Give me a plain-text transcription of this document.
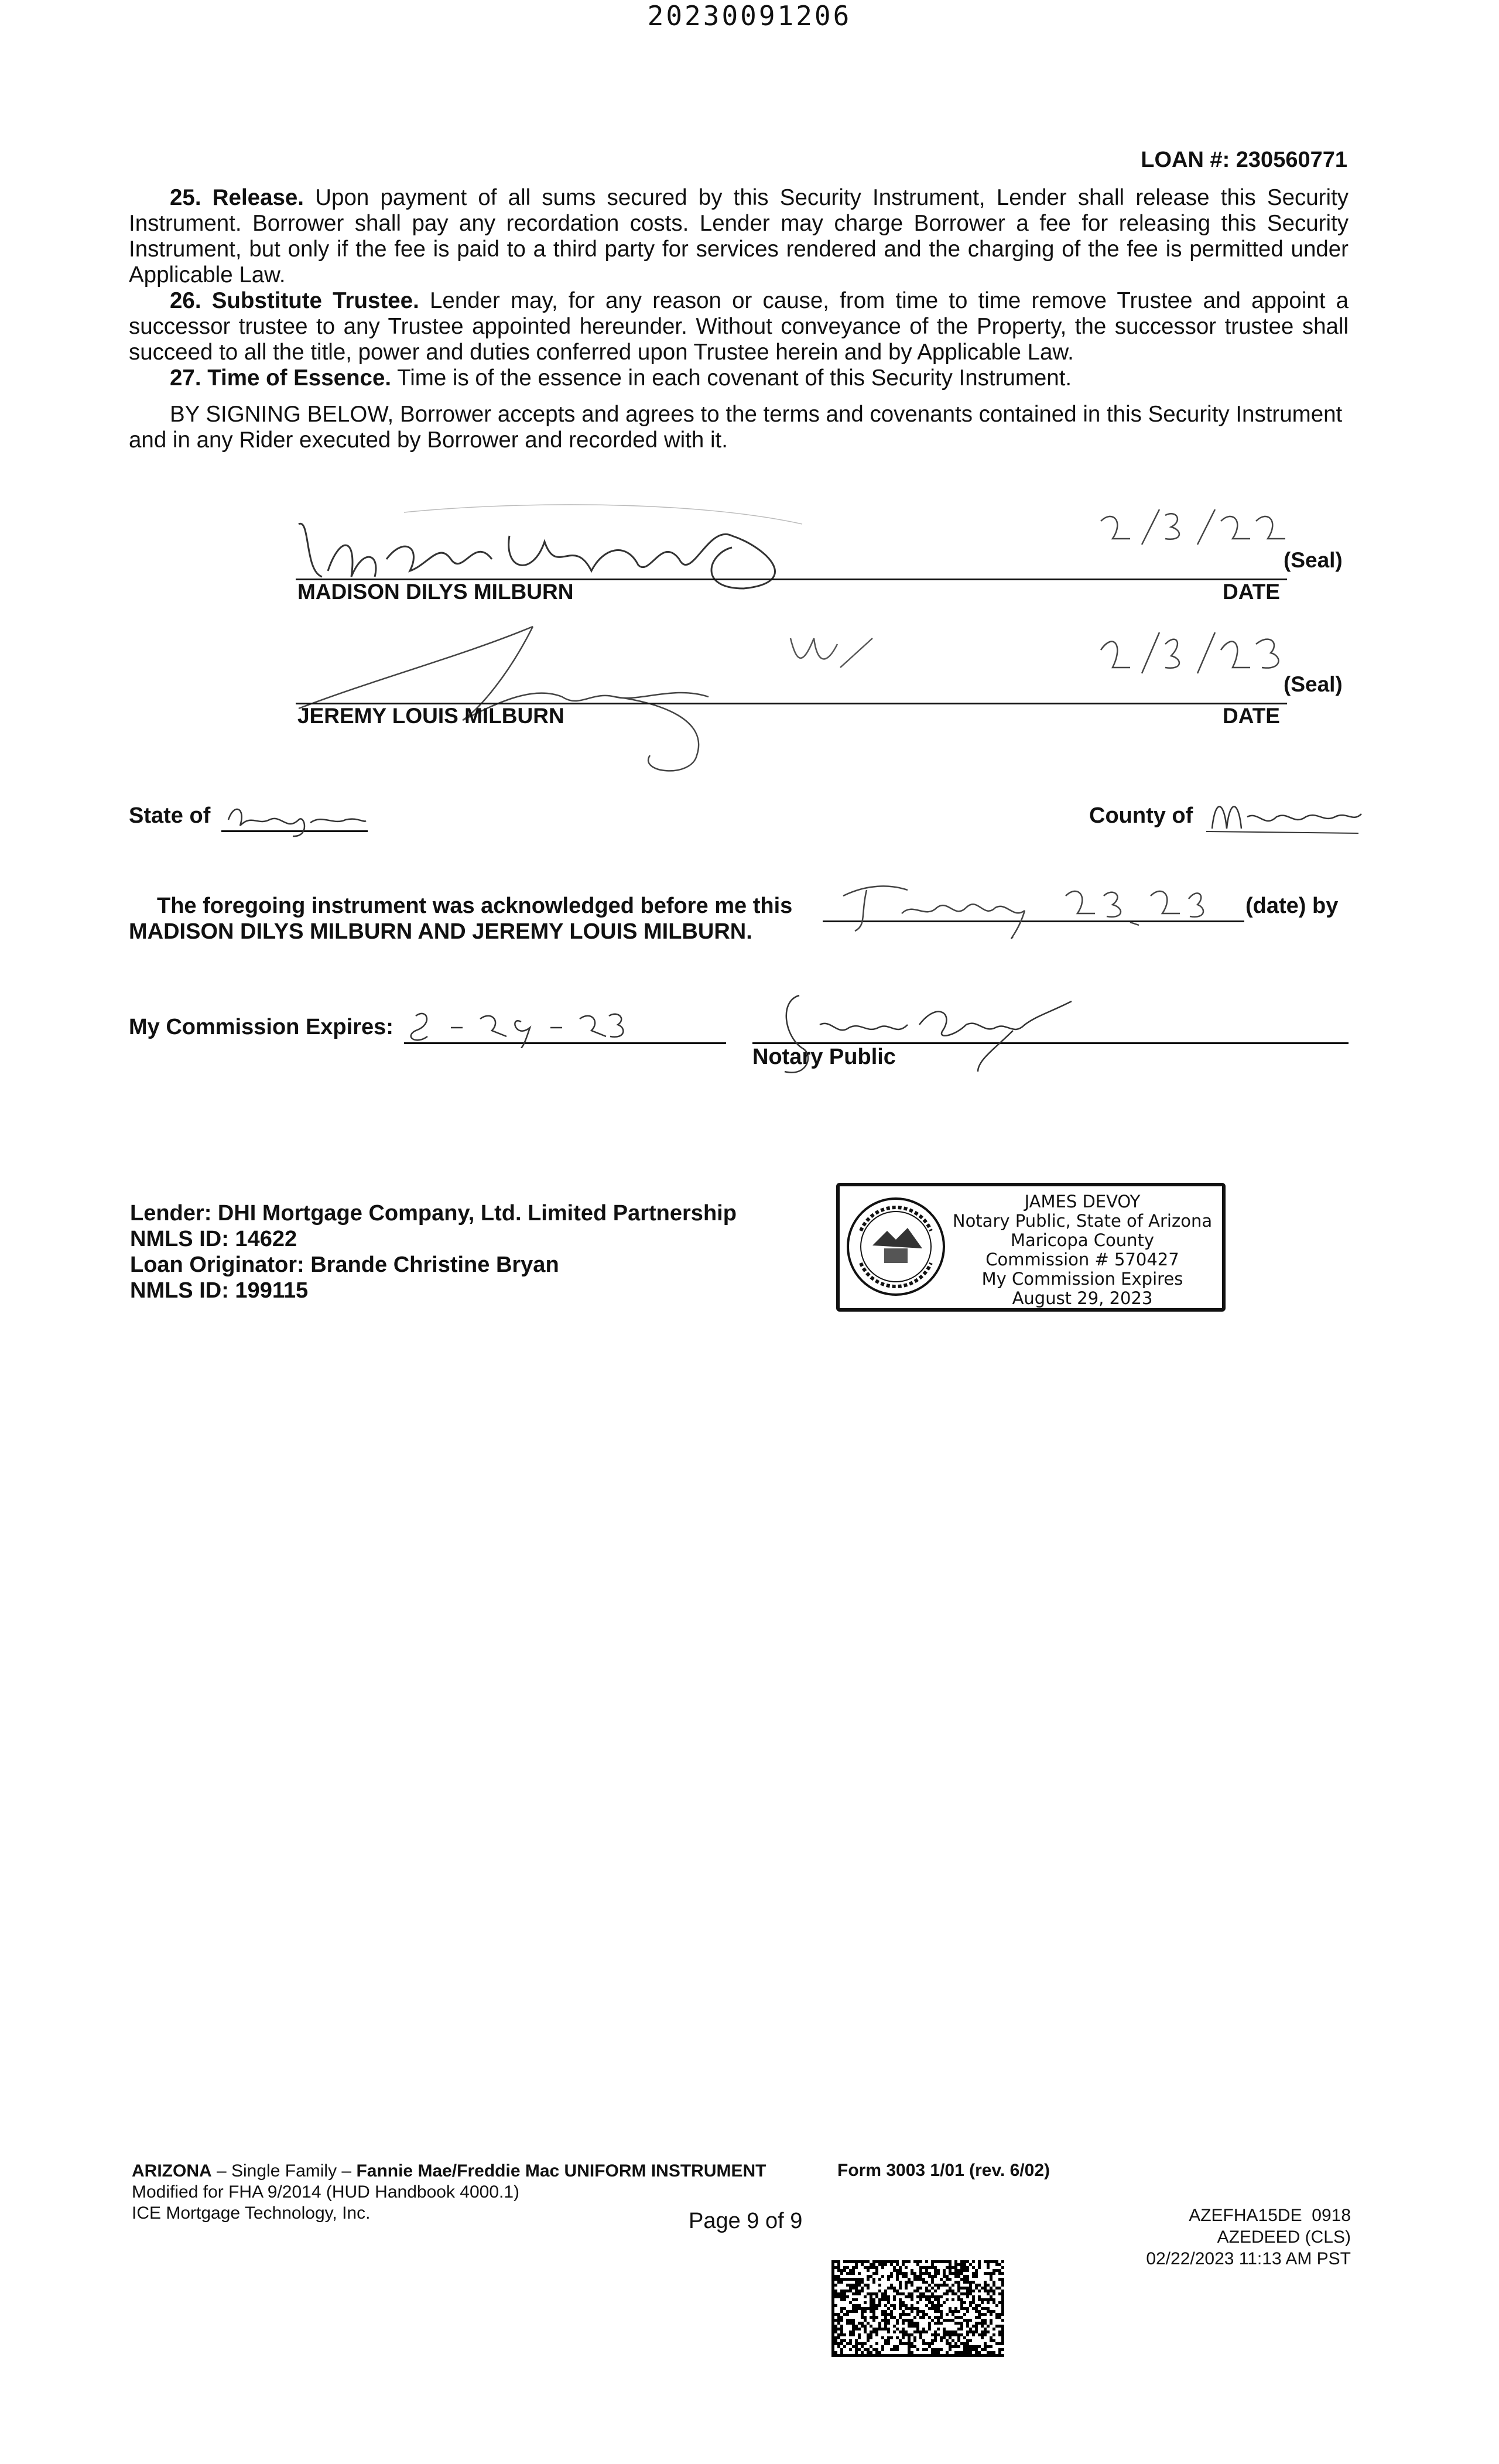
20230091206
LOAN #: 230560771

25. Release. Upon payment of all sums secured by this Security Instrument, Lender shall release this Security Instrument. Borrower shall pay any recordation costs. Lender may charge Borrower a fee for releasing this Security Instrument, but only if the fee is paid to a third party for services rendered and the charging of the fee is permitted under Applicable Law.

26. Substitute Trustee. Lender may, for any reason or cause, from time to time remove Trustee and appoint a successor trustee to any Trustee appointed hereunder. Without conveyance of the Property, the successor trustee shall succeed to all the title, power and duties conferred upon Trustee herein and by Applicable Law.

27. Time of Essence. Time is of the essence in each covenant of this Security Instrument.

BY SIGNING BELOW, Borrower accepts and agrees to the terms and covenants contained in this Security Instrument and in any Rider executed by Borrower and recorded with it.

MADISON DILYS MILBURN	DATE
(Seal)
JEREMY LOUIS MILBURN	DATE
(Seal)
State of	County of
The foregoing instrument was acknowledged before me this	(date) by
MADISON DILYS MILBURN AND JEREMY LOUIS MILBURN.
My Commission Expires:
Notary Public
Lender: DHI Mortgage Company, Ltd. Limited Partnership
NMLS ID: 14622
Loan Originator: Brande Christine Bryan
NMLS ID: 199115
JAMES DEVOY
Notary Public, State of Arizona
Maricopa County
Commission # 570427
My Commission Expires
August 29, 2023
ARIZONA – Single Family – Fannie Mae/Freddie Mac UNIFORM INSTRUMENT
Modified for FHA 9/2014 (HUD Handbook 4000.1)
ICE Mortgage Technology, Inc.
Form 3003 1/01 (rev. 6/02)
Page 9 of 9	AZEFHA15DE  0918
AZEDEED (CLS)
02/22/2023 11:13 AM PST
